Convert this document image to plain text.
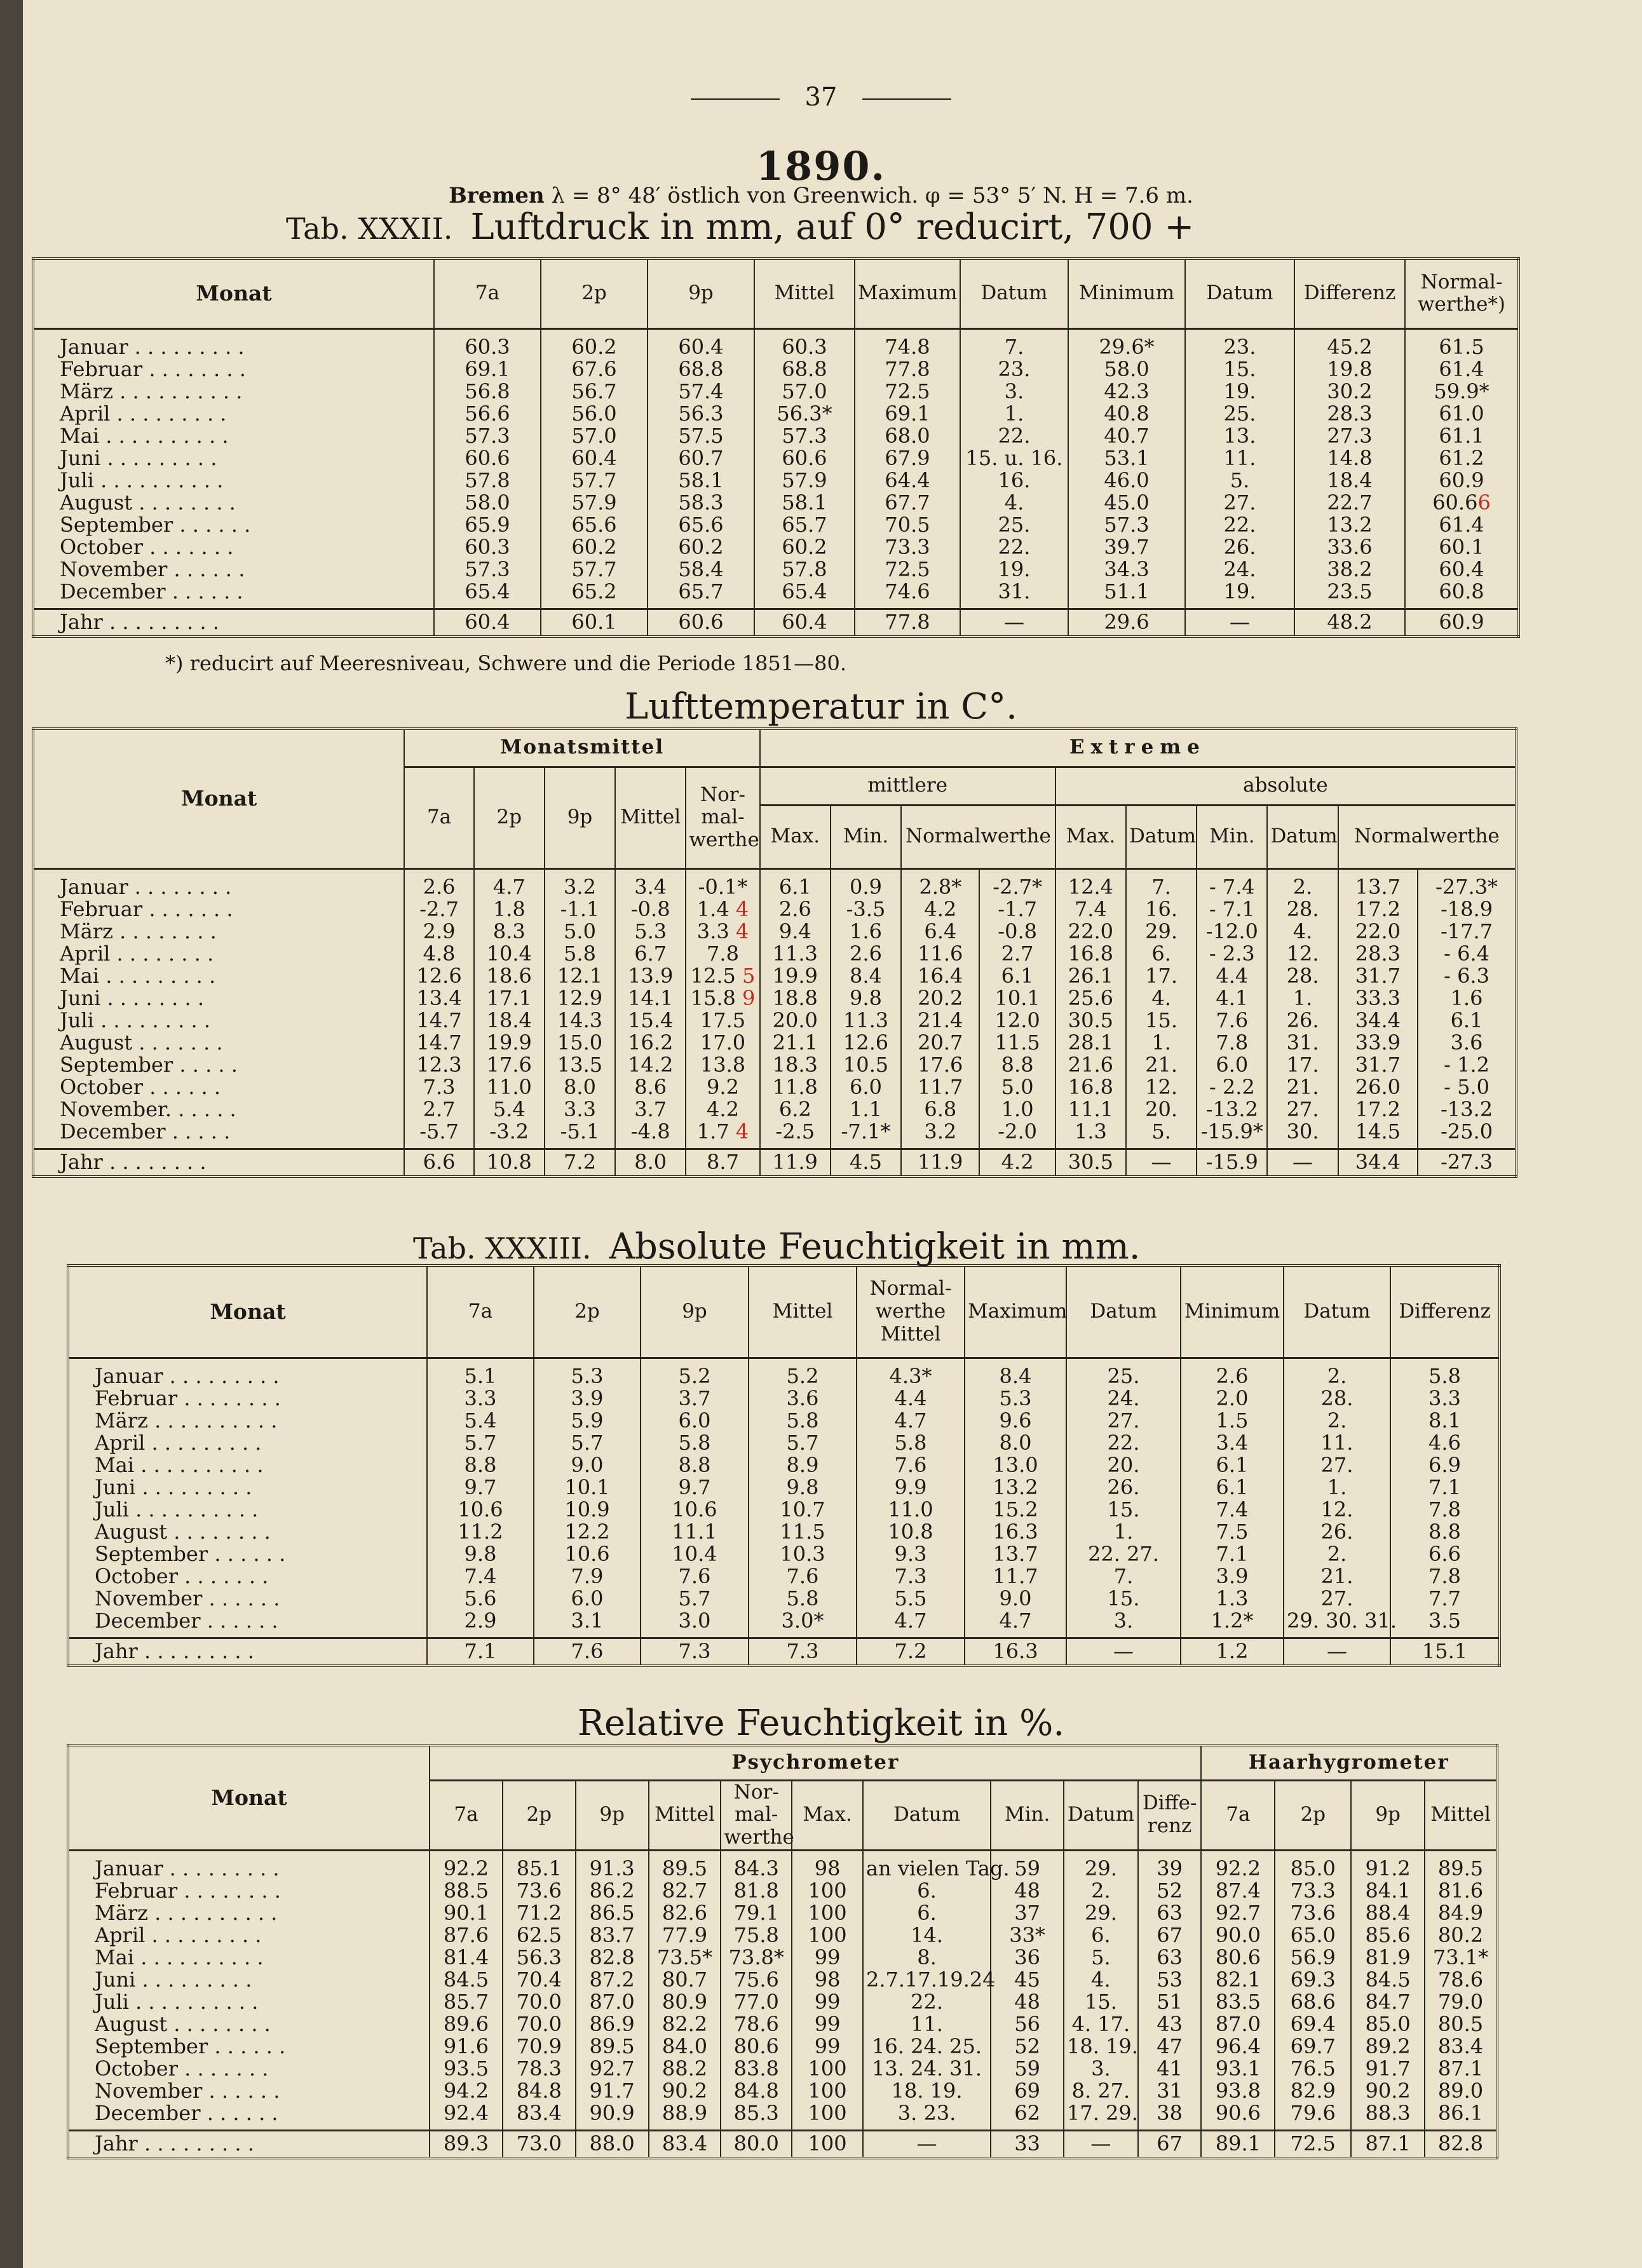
37
1890.
Bremen λ = 8° 48′ östlich von Greenwich. φ = 53° 5′ N. H = 7.6 m.
Tab. XXXII. Luftdruck in mm, auf 0° reducirt, 700 +
Monat	7a	2p	9p	Mittel	Maximum	Datum	Minimum	Datum	Differenz	Normal-werthe*)
Januar . . . . . . . . .	60.3	60.2	60.4	60.3	74.8	7.	29.6*	23.	45.2	61.5
Februar . . . . . . . .	69.1	67.6	68.8	68.8	77.8	23.	58.0	15.	19.8	61.4
März . . . . . . . . . .	56.8	56.7	57.4	57.0	72.5	3.	42.3	19.	30.2	59.9*
April . . . . . . . . .	56.6	56.0	56.3	56.3*	69.1	1.	40.8	25.	28.3	61.0
Mai . . . . . . . . . .	57.3	57.0	57.5	57.3	68.0	22.	40.7	13.	27.3	61.1
Juni . . . . . . . . .	60.6	60.4	60.7	60.6	67.9	15. u. 16.	53.1	11.	14.8	61.2
Juli . . . . . . . . . .	57.8	57.7	58.1	57.9	64.4	16.	46.0	5.	18.4	60.9
August . . . . . . . .	58.0	57.9	58.3	58.1	67.7	4.	45.0	27.	22.7	60.66
September . . . . . .	65.9	65.6	65.6	65.7	70.5	25.	57.3	22.	13.2	61.4
October . . . . . . .	60.3	60.2	60.2	60.2	73.3	22.	39.7	26.	33.6	60.1
November . . . . . .	57.3	57.7	58.4	57.8	72.5	19.	34.3	24.	38.2	60.4
December . . . . . .	65.4	65.2	65.7	65.4	74.6	31.	51.1	19.	23.5	60.8
Jahr . . . . . . . . .	60.4	60.1	60.6	60.4	77.8	—	29.6	—	48.2	60.9
*) reducirt auf Meeresniveau, Schwere und die Periode 1851—80.
Lufttemperatur in C°.
Monat	Monatsmittel					Extreme									
	7a	2p	9p	Mittel	Nor-mal-werthe	mittlere				absolute					
						Max.	Min.	Normalwerthe		Max.	Datum	Min.	Datum	Normalwerthe	
Januar . . . . . . . .	2.6	4.7	3.2	3.4	-0.1*	6.1	0.9	2.8*	-2.7*	12.4	7.	- 7.4	2.	13.7	-27.3*
Februar . . . . . . .	-2.7	1.8	-1.1	-0.8	1.4 4	2.6	-3.5	4.2	-1.7	7.4	16.	- 7.1	28.	17.2	-18.9
März . . . . . . . .	2.9	8.3	5.0	5.3	3.3 4	9.4	1.6	6.4	-0.8	22.0	29.	-12.0	4.	22.0	-17.7
April . . . . . . . .	4.8	10.4	5.8	6.7	7.8	11.3	2.6	11.6	2.7	16.8	6.	- 2.3	12.	28.3	- 6.4
Mai . . . . . . . . .	12.6	18.6	12.1	13.9	12.5 5	19.9	8.4	16.4	6.1	26.1	17.	4.4	28.	31.7	- 6.3
Juni . . . . . . . .	13.4	17.1	12.9	14.1	15.8 9	18.8	9.8	20.2	10.1	25.6	4.	4.1	1.	33.3	1.6
Juli . . . . . . . . .	14.7	18.4	14.3	15.4	17.5	20.0	11.3	21.4	12.0	30.5	15.	7.6	26.	34.4	6.1
August . . . . . . .	14.7	19.9	15.0	16.2	17.0	21.1	12.6	20.7	11.5	28.1	1.	7.8	31.	33.9	3.6
September . . . . .	12.3	17.6	13.5	14.2	13.8	18.3	10.5	17.6	8.8	21.6	21.	6.0	17.	31.7	- 1.2
October . . . . . .	7.3	11.0	8.0	8.6	9.2	11.8	6.0	11.7	5.0	16.8	12.	- 2.2	21.	26.0	- 5.0
November. . . . . .	2.7	5.4	3.3	3.7	4.2	6.2	1.1	6.8	1.0	11.1	20.	-13.2	27.	17.2	-13.2
December . . . . .	-5.7	-3.2	-5.1	-4.8	1.7 4	-2.5	-7.1*	3.2	-2.0	1.3	5.	-15.9*	30.	14.5	-25.0
Jahr . . . . . . . .	6.6	10.8	7.2	8.0	8.7	11.9	4.5	11.9	4.2	30.5	—	-15.9	—	34.4	-27.3
Tab. XXXIII. Absolute Feuchtigkeit in mm.
Monat	7a	2p	9p	Mittel	Normal-werthe Mittel	Maximum	Datum	Minimum	Datum	Differenz
Januar . . . . . . . . .	5.1	5.3	5.2	5.2	4.3*	8.4	25.	2.6	2.	5.8
Februar . . . . . . . .	3.3	3.9	3.7	3.6	4.4	5.3	24.	2.0	28.	3.3
März . . . . . . . . . .	5.4	5.9	6.0	5.8	4.7	9.6	27.	1.5	2.	8.1
April . . . . . . . . .	5.7	5.7	5.8	5.7	5.8	8.0	22.	3.4	11.	4.6
Mai . . . . . . . . . .	8.8	9.0	8.8	8.9	7.6	13.0	20.	6.1	27.	6.9
Juni . . . . . . . . .	9.7	10.1	9.7	9.8	9.9	13.2	26.	6.1	1.	7.1
Juli . . . . . . . . . .	10.6	10.9	10.6	10.7	11.0	15.2	15.	7.4	12.	7.8
August . . . . . . . .	11.2	12.2	11.1	11.5	10.8	16.3	1.	7.5	26.	8.8
September . . . . . .	9.8	10.6	10.4	10.3	9.3	13.7	22. 27.	7.1	2.	6.6
October . . . . . . .	7.4	7.9	7.6	7.6	7.3	11.7	7.	3.9	21.	7.8
November . . . . . .	5.6	6.0	5.7	5.8	5.5	9.0	15.	1.3	27.	7.7
December . . . . . .	2.9	3.1	3.0	3.0*	4.7	4.7	3.	1.2*	29. 30. 31.	3.5
Jahr . . . . . . . . .	7.1	7.6	7.3	7.3	7.2	16.3	—	1.2	—	15.1
Relative Feuchtigkeit in %.
Monat	Psychrometer										Haarhygrometer			
	7a	2p	9p	Mittel	Nor-mal-werthe	Max.	Datum	Min.	Datum	Diffe-renz	7a	2p	9p	Mittel
Januar . . . . . . . . .	92.2	85.1	91.3	89.5	84.3	98	an vielen Tag.	59	29.	39	92.2	85.0	91.2	89.5
Februar . . . . . . . .	88.5	73.6	86.2	82.7	81.8	100	6.	48	2.	52	87.4	73.3	84.1	81.6
März . . . . . . . . . .	90.1	71.2	86.5	82.6	79.1	100	6.	37	29.	63	92.7	73.6	88.4	84.9
April . . . . . . . . .	87.6	62.5	83.7	77.9	75.8	100	14.	33*	6.	67	90.0	65.0	85.6	80.2
Mai . . . . . . . . . .	81.4	56.3	82.8	73.5*	73.8*	99	8.	36	5.	63	80.6	56.9	81.9	73.1*
Juni . . . . . . . . .	84.5	70.4	87.2	80.7	75.6	98	2.7.17.19.24	45	4.	53	82.1	69.3	84.5	78.6
Juli . . . . . . . . . .	85.7	70.0	87.0	80.9	77.0	99	22.	48	15.	51	83.5	68.6	84.7	79.0
August . . . . . . . .	89.6	70.0	86.9	82.2	78.6	99	11.	56	4. 17.	43	87.0	69.4	85.0	80.5
September . . . . . .	91.6	70.9	89.5	84.0	80.6	99	16. 24. 25.	52	18. 19.	47	96.4	69.7	89.2	83.4
October . . . . . . .	93.5	78.3	92.7	88.2	83.8	100	13. 24. 31.	59	3.	41	93.1	76.5	91.7	87.1
November . . . . . .	94.2	84.8	91.7	90.2	84.8	100	18. 19.	69	8. 27.	31	93.8	82.9	90.2	89.0
December . . . . . .	92.4	83.4	90.9	88.9	85.3	100	3. 23.	62	17. 29.	38	90.6	79.6	88.3	86.1
Jahr . . . . . . . . .	89.3	73.0	88.0	83.4	80.0	100	—	33	—	67	89.1	72.5	87.1	82.8
